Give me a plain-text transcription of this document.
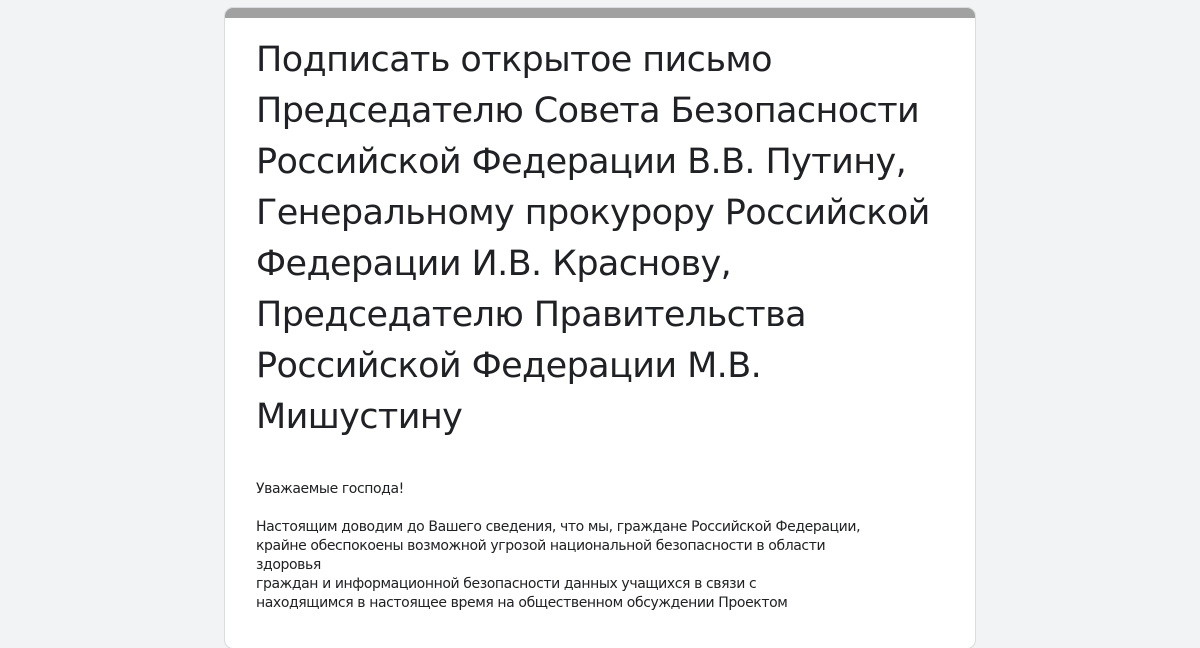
Подписать открытое письмо
Председателю Совета Безопасности
Российской Федерации В.В. Путину,
Генеральному прокурору Российской
Федерации И.В. Краснову,
Председателю Правительства
Российской Федерации М.В.
Мишустину

Уважаемые господа!

Настоящим доводим до Вашего сведения, что мы, граждане Российской Федерации,
крайне обеспокоены возможной угрозой национальной безопасности в области
здоровья
граждан и информационной безопасности данных учащихся в связи с
находящимся в настоящее время на общественном обсуждении Проектом
